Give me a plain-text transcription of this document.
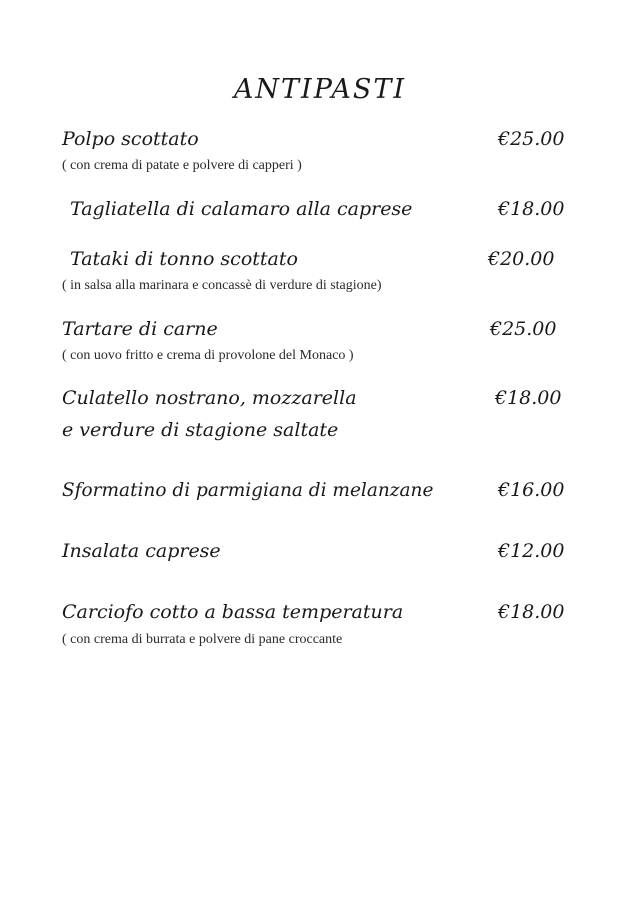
ANTIPASTI
Polpo scottato	€25.00
( con crema di patate e polvere di capperi )
Tagliatella di calamaro alla caprese	€18.00
Tataki di tonno scottato	€20.00
( in salsa alla marinara e concassè di verdure di stagione)
Tartare di carne	€25.00
( con uovo fritto e crema di provolone del Monaco )
Culatello nostrano, mozzarella	€18.00
e verdure di stagione saltate
Sformatino di parmigiana di melanzane	€16.00
Insalata caprese	€12.00
Carciofo cotto a bassa temperatura	€18.00
( con crema di burrata e polvere di pane croccante
